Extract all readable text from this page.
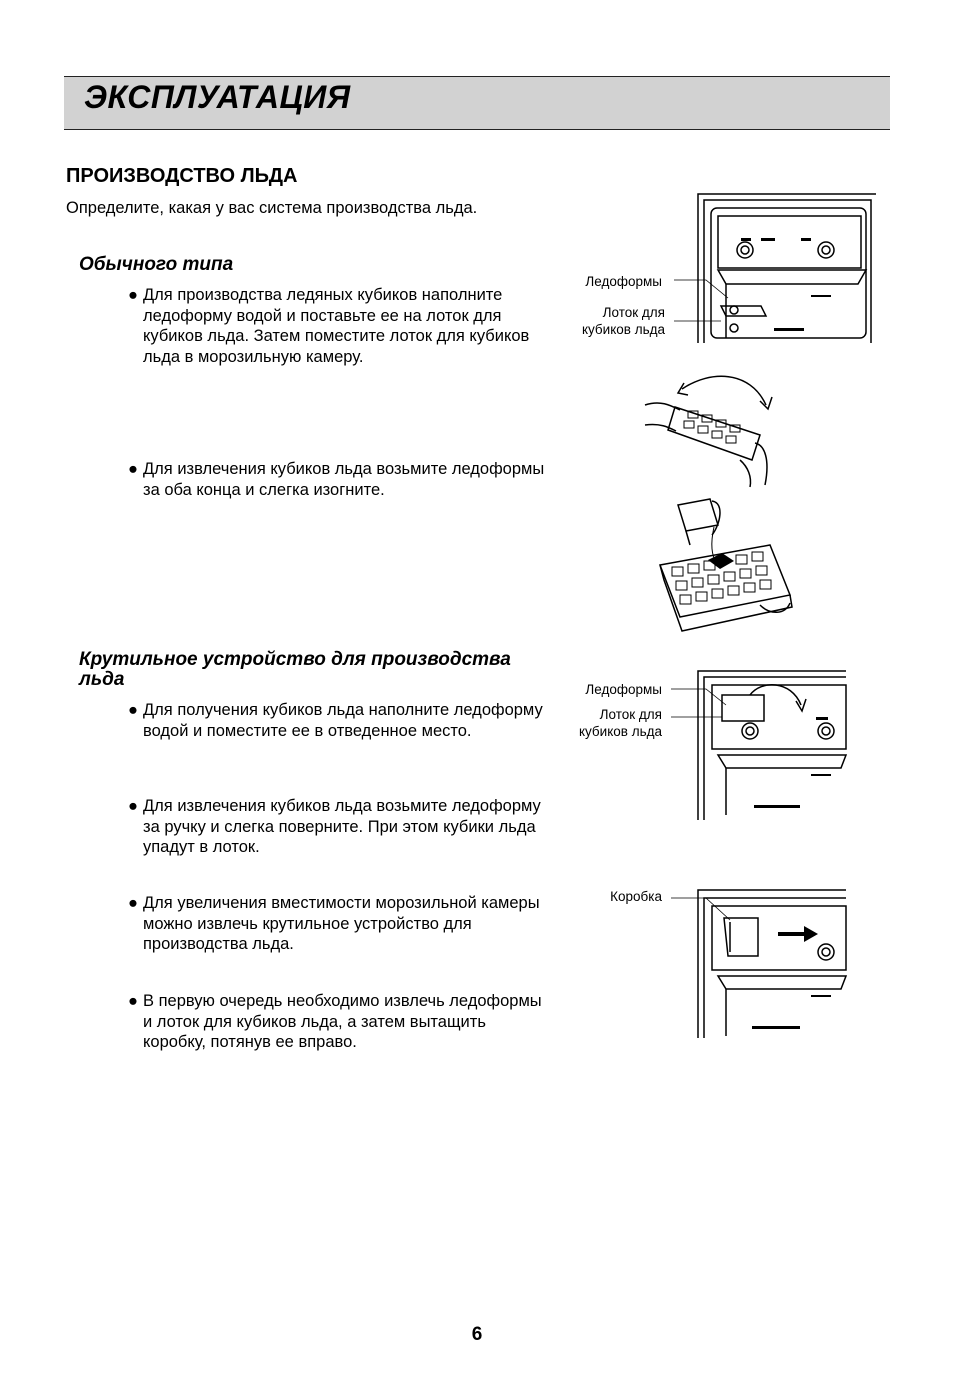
ЭКСПЛУАТАЦИЯ
ПРОИЗВОДСТВО ЛЬДА
Определите, какая у вас система производства льда.
Обычного типа
● Для производства ледяных кубиков наполните ледоформу водой и поставьте ее на лоток для кубиков льда. Затем поместите лоток для кубиков льда в морозильную камеру.
● Для извлечения кубиков льда возьмите ледоформы за оба конца и слегка изогните.
Крутильное устройство для производства льда
● Для получения кубиков льда наполните ледоформу водой и поместите ее в отведенное место.
● Для извлечения кубиков льда возьмите ледоформу за ручку и слегка поверните. При этом кубики льда упадут в лоток.
● Для увеличения вместимости морозильной камеры можно извлечь крутильное устройство для производства льда.
● В первую очередь необходимо извлечь ледоформы и лоток для кубиков льда, а затем вытащить коробку, потянув ее вправо.
Ледоформы
Лоток для кубиков льда
Ледоформы
Лоток для кубиков льда
Коробка
6
